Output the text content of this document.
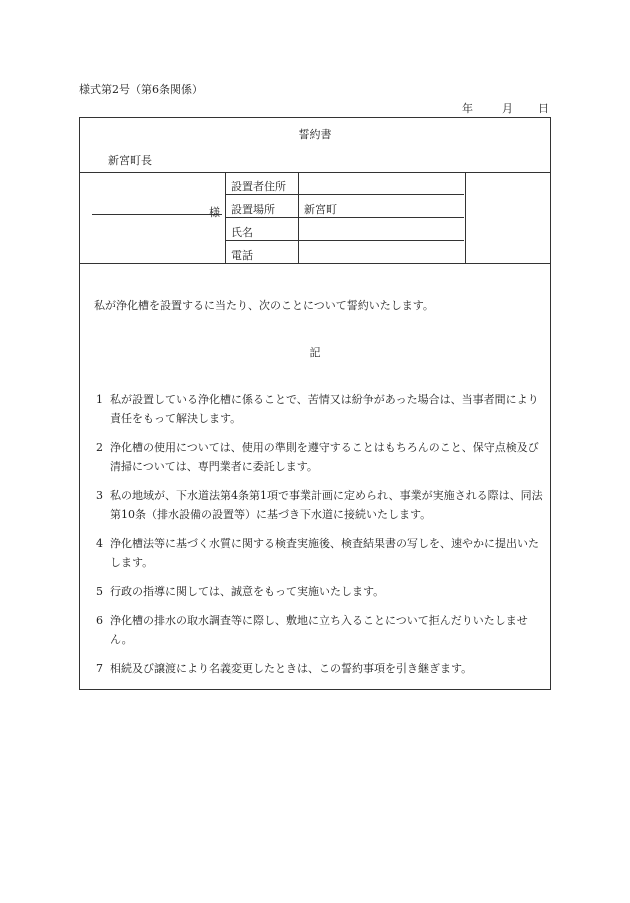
様式第2号（第6条関係）
年	月 日
誓約書
新宮町長
様
設置者住所
設置場所	新宮町
氏名
電話
私が浄化槽を設置するに当たり、次のことについて誓約いたします。
記
1 私が設置している浄化槽に係ることで、苦情又は紛争があった場合は、当事者間により責任をもって解決します。
2 浄化槽の使用については、使用の準則を遵守することはもちろんのこと、保守点検及び清掃については、専門業者に委託します。
3 私の地域が、下水道法第4条第1項で事業計画に定められ、事業が実施される際は、同法第10条（排水設備の設置等）に基づき下水道に接続いたします。
4 浄化槽法等に基づく水質に関する検査実施後、検査結果書の写しを、速やかに提出いたします。
5 行政の指導に関しては、誠意をもって実施いたします。
6 浄化槽の排水の取水調査等に際し、敷地に立ち入ることについて拒んだりいたしません。
7 相続及び譲渡により名義変更したときは、この誓約事項を引き継ぎます。
